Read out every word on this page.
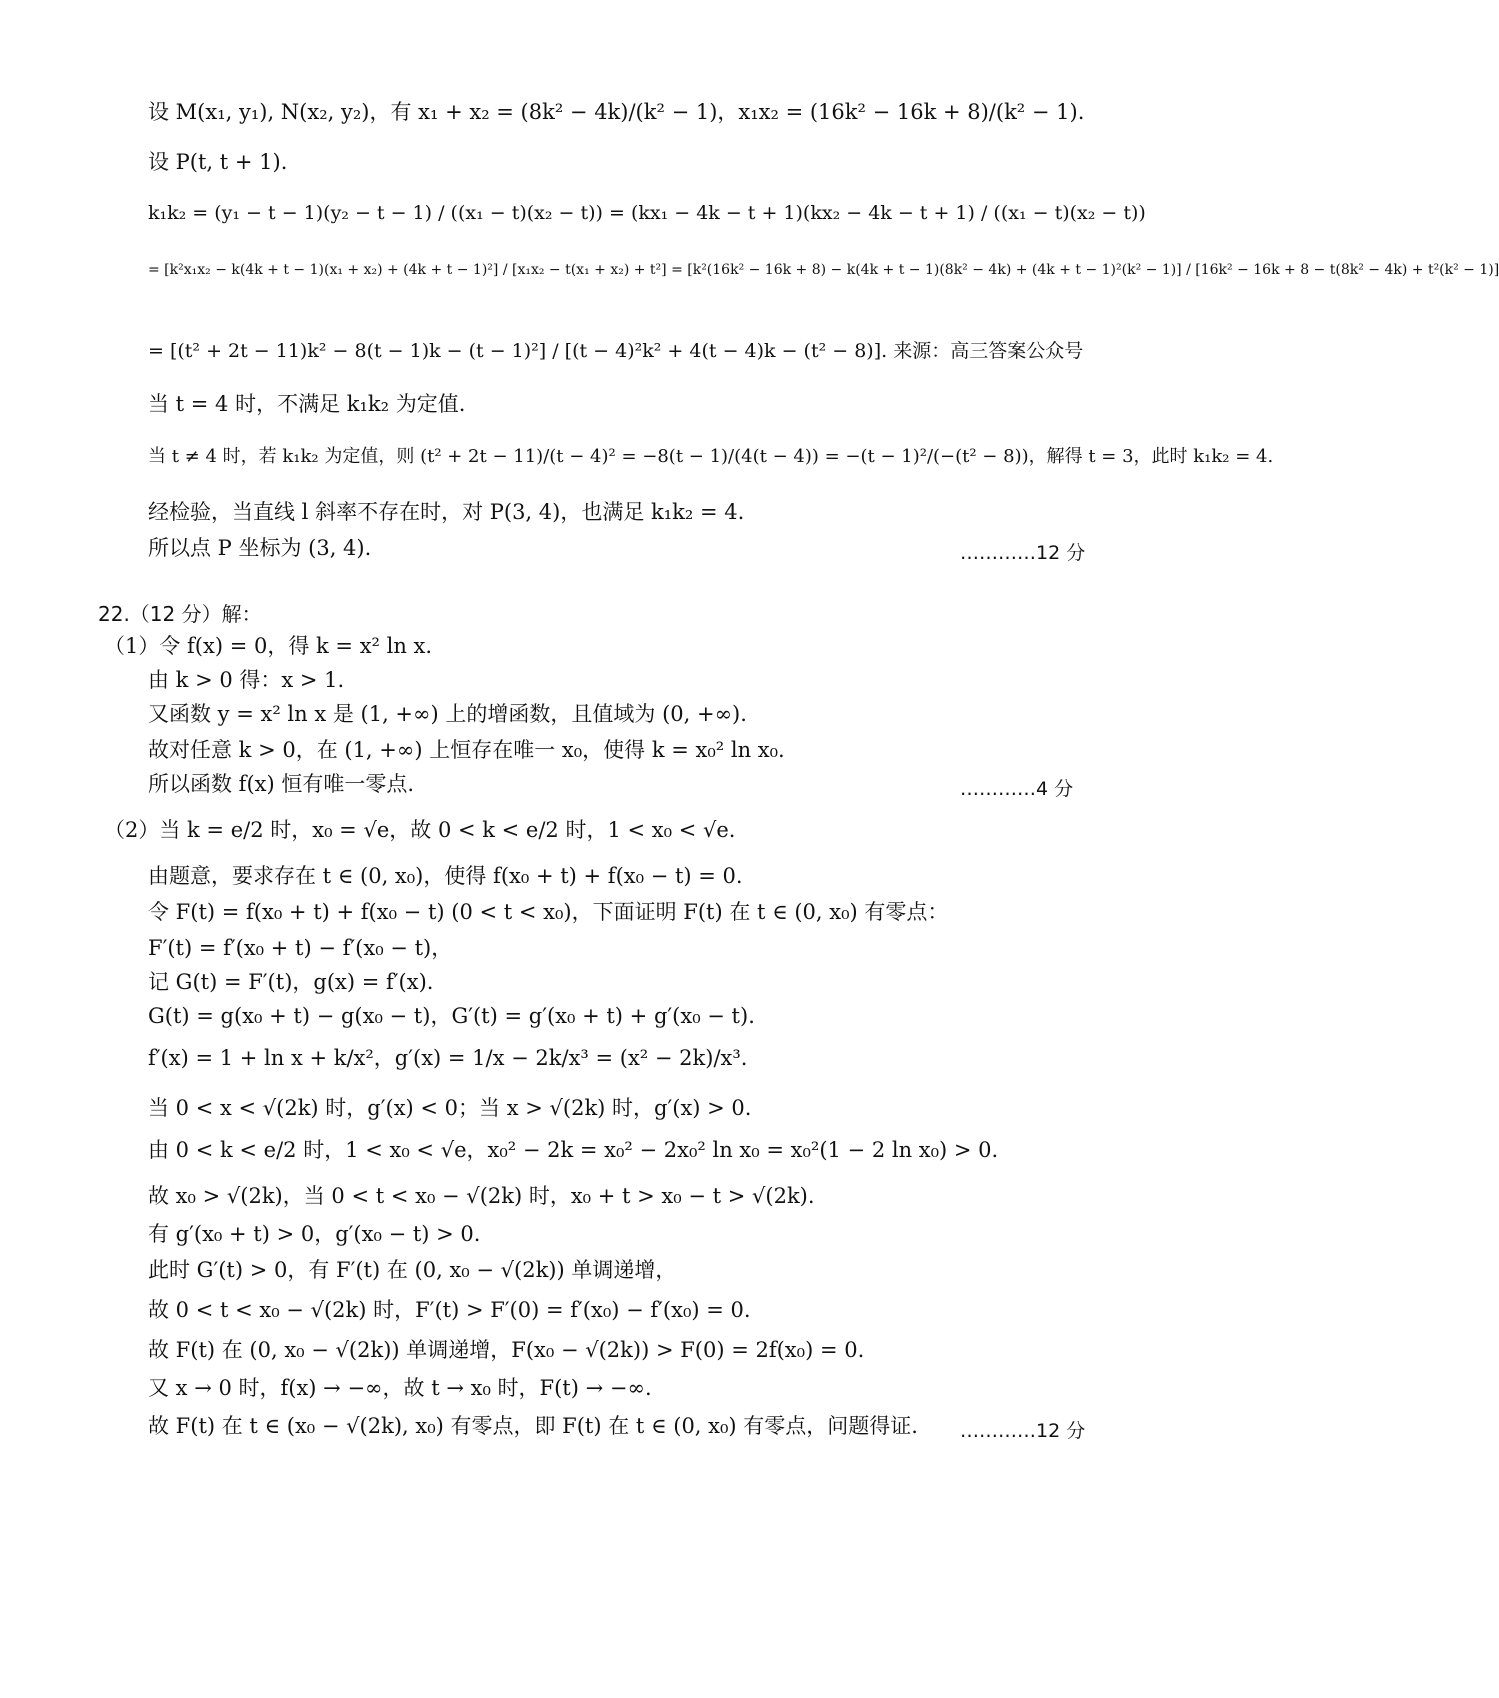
设 M(x₁, y₁), N(x₂, y₂)，有 x₁ + x₂ = (8k² − 4k)/(k² − 1)，x₁x₂ = (16k² − 16k + 8)/(k² − 1).
设 P(t, t + 1).
k₁k₂ = (y₁ − t − 1)(y₂ − t − 1) / ((x₁ − t)(x₂ − t)) = (kx₁ − 4k − t + 1)(kx₂ − 4k − t + 1) / ((x₁ − t)(x₂ − t))
= [k²x₁x₂ − k(4k + t − 1)(x₁ + x₂) + (4k + t − 1)²] / [x₁x₂ − t(x₁ + x₂) + t²] = [k²(16k² − 16k + 8) − k(4k + t − 1)(8k² − 4k) + (4k + t − 1)²(k² − 1)] / [16k² − 16k + 8 − t(8k² − 4k) + t²(k² − 1)]
= [(t² + 2t − 11)k² − 8(t − 1)k − (t − 1)²] / [(t − 4)²k² + 4(t − 4)k − (t² − 8)]. 来源：高三答案公众号
当 t = 4 时，不满足 k₁k₂ 为定值.
当 t ≠ 4 时，若 k₁k₂ 为定值，则 (t² + 2t − 11)/(t − 4)² = −8(t − 1)/(4(t − 4)) = −(t − 1)²/(−(t² − 8))，解得 t = 3，此时 k₁k₂ = 4.
经检验，当直线 l 斜率不存在时，对 P(3, 4)，也满足 k₁k₂ = 4.
所以点 P 坐标为 (3, 4).	…………12 分
22.（12 分）解：
（1）令 f(x) = 0，得 k = x² ln x.
由 k > 0 得：x > 1.
又函数 y = x² ln x 是 (1, +∞) 上的增函数，且值域为 (0, +∞).
故对任意 k > 0，在 (1, +∞) 上恒存在唯一 x₀，使得 k = x₀² ln x₀.
所以函数 f(x) 恒有唯一零点.	…………4 分
（2）当 k = e/2 时，x₀ = √e，故 0 < k < e/2 时，1 < x₀ < √e.
由题意，要求存在 t ∈ (0, x₀)，使得 f(x₀ + t) + f(x₀ − t) = 0.
令 F(t) = f(x₀ + t) + f(x₀ − t) (0 < t < x₀)，下面证明 F(t) 在 t ∈ (0, x₀) 有零点：
F′(t) = f′(x₀ + t) − f′(x₀ − t)，
记 G(t) = F′(t)，g(x) = f′(x).
G(t) = g(x₀ + t) − g(x₀ − t)，G′(t) = g′(x₀ + t) + g′(x₀ − t).
f′(x) = 1 + ln x + k/x²，g′(x) = 1/x − 2k/x³ = (x² − 2k)/x³.
当 0 < x < √(2k) 时，g′(x) < 0；当 x > √(2k) 时，g′(x) > 0.
由 0 < k < e/2 时，1 < x₀ < √e，x₀² − 2k = x₀² − 2x₀² ln x₀ = x₀²(1 − 2 ln x₀) > 0.
故 x₀ > √(2k)，当 0 < t < x₀ − √(2k) 时，x₀ + t > x₀ − t > √(2k).
有 g′(x₀ + t) > 0，g′(x₀ − t) > 0.
此时 G′(t) > 0，有 F′(t) 在 (0, x₀ − √(2k)) 单调递增，
故 0 < t < x₀ − √(2k) 时，F′(t) > F′(0) = f′(x₀) − f′(x₀) = 0.
故 F(t) 在 (0, x₀ − √(2k)) 单调递增，F(x₀ − √(2k)) > F(0) = 2f(x₀) = 0.
又 x → 0 时，f(x) → −∞，故 t → x₀ 时，F(t) → −∞.
故 F(t) 在 t ∈ (x₀ − √(2k), x₀) 有零点，即 F(t) 在 t ∈ (0, x₀) 有零点，问题得证. …………12 分
